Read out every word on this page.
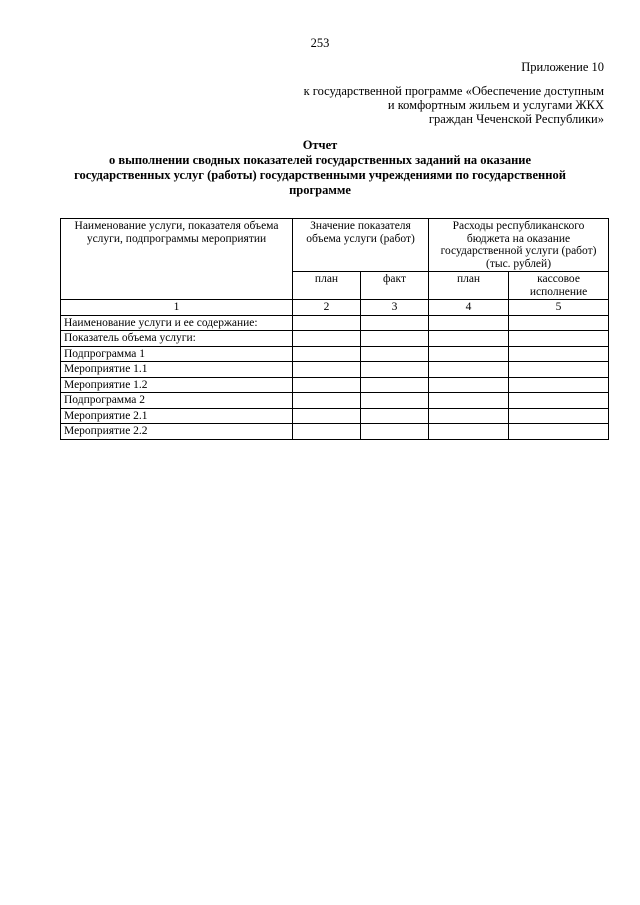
253
Приложение 10
к государственной программе «Обеспечение доступным
и комфортным жильем и услугами ЖКХ
граждан Чеченской Республики»
Отчет
о выполнении сводных показателей государственных заданий на оказание
государственных услуг (работы) государственными учреждениями по государственной
программе
Наименование услуги, показателя объема услуги, подпрограммы мероприятии	Значение показателя объема услуги (работ)		Расходы республиканского бюджета на оказание государственной услуги (работ) (тыс. рублей)	
	план	факт	план	кассовое исполнение
1	2	3	4	5
Наименование услуги и ее содержание:				
Показатель объема услуги:				
Подпрограмма 1				
Мероприятие 1.1				
Мероприятие 1.2				
Подпрограмма 2				
Мероприятие 2.1				
Мероприятие 2.2				
